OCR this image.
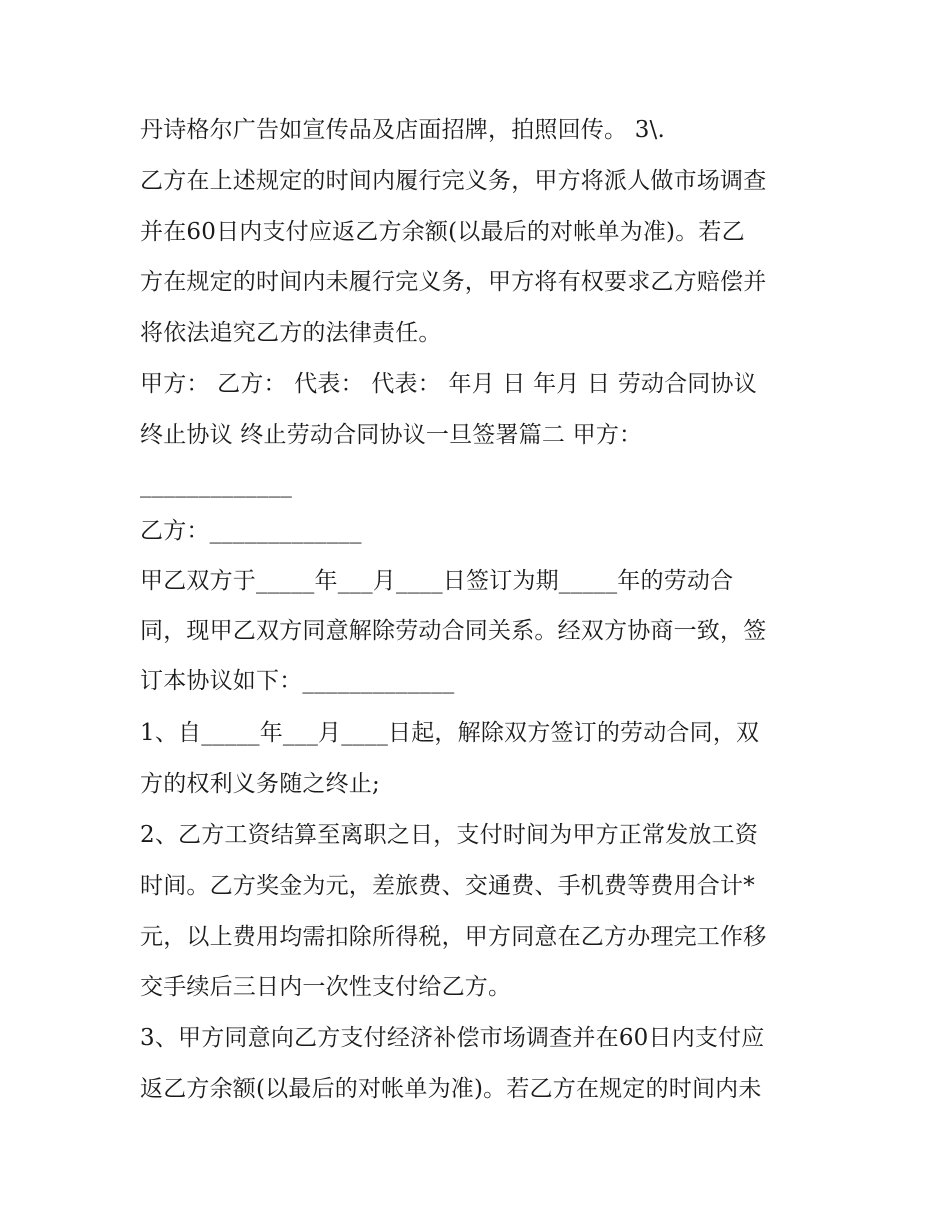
丹诗格尔广告如宣传品及店面招牌，拍照回传。 3\.
乙方在上述规定的时间内履行完义务，甲方将派人做市场调查
并在60日内支付应返乙方余额(以最后的对帐单为准)。若乙
方在规定的时间内未履行完义务，甲方将有权要求乙方赔偿并
将依法追究乙方的法律责任。
甲方： 乙方： 代表： 代表： 年月 日 年月 日 劳动合同协议
终止协议 终止劳动合同协议一旦签署篇二 甲方：
_____________
乙方：_____________
甲乙双方于_____年___月____日签订为期_____年的劳动合
同，现甲乙双方同意解除劳动合同关系。经双方协商一致，签
订本协议如下：_____________
1、自_____年___月____日起，解除双方签订的劳动合同，双
方的权利义务随之终止;
2、乙方工资结算至离职之日，支付时间为甲方正常发放工资
时间。乙方奖金为元，差旅费、交通费、手机费等费用合计*
元，以上费用均需扣除所得税，甲方同意在乙方办理完工作移
交手续后三日内一次性支付给乙方。
3、甲方同意向乙方支付经济补偿市场调查并在60日内支付应
返乙方余额(以最后的对帐单为准)。若乙方在规定的时间内未
